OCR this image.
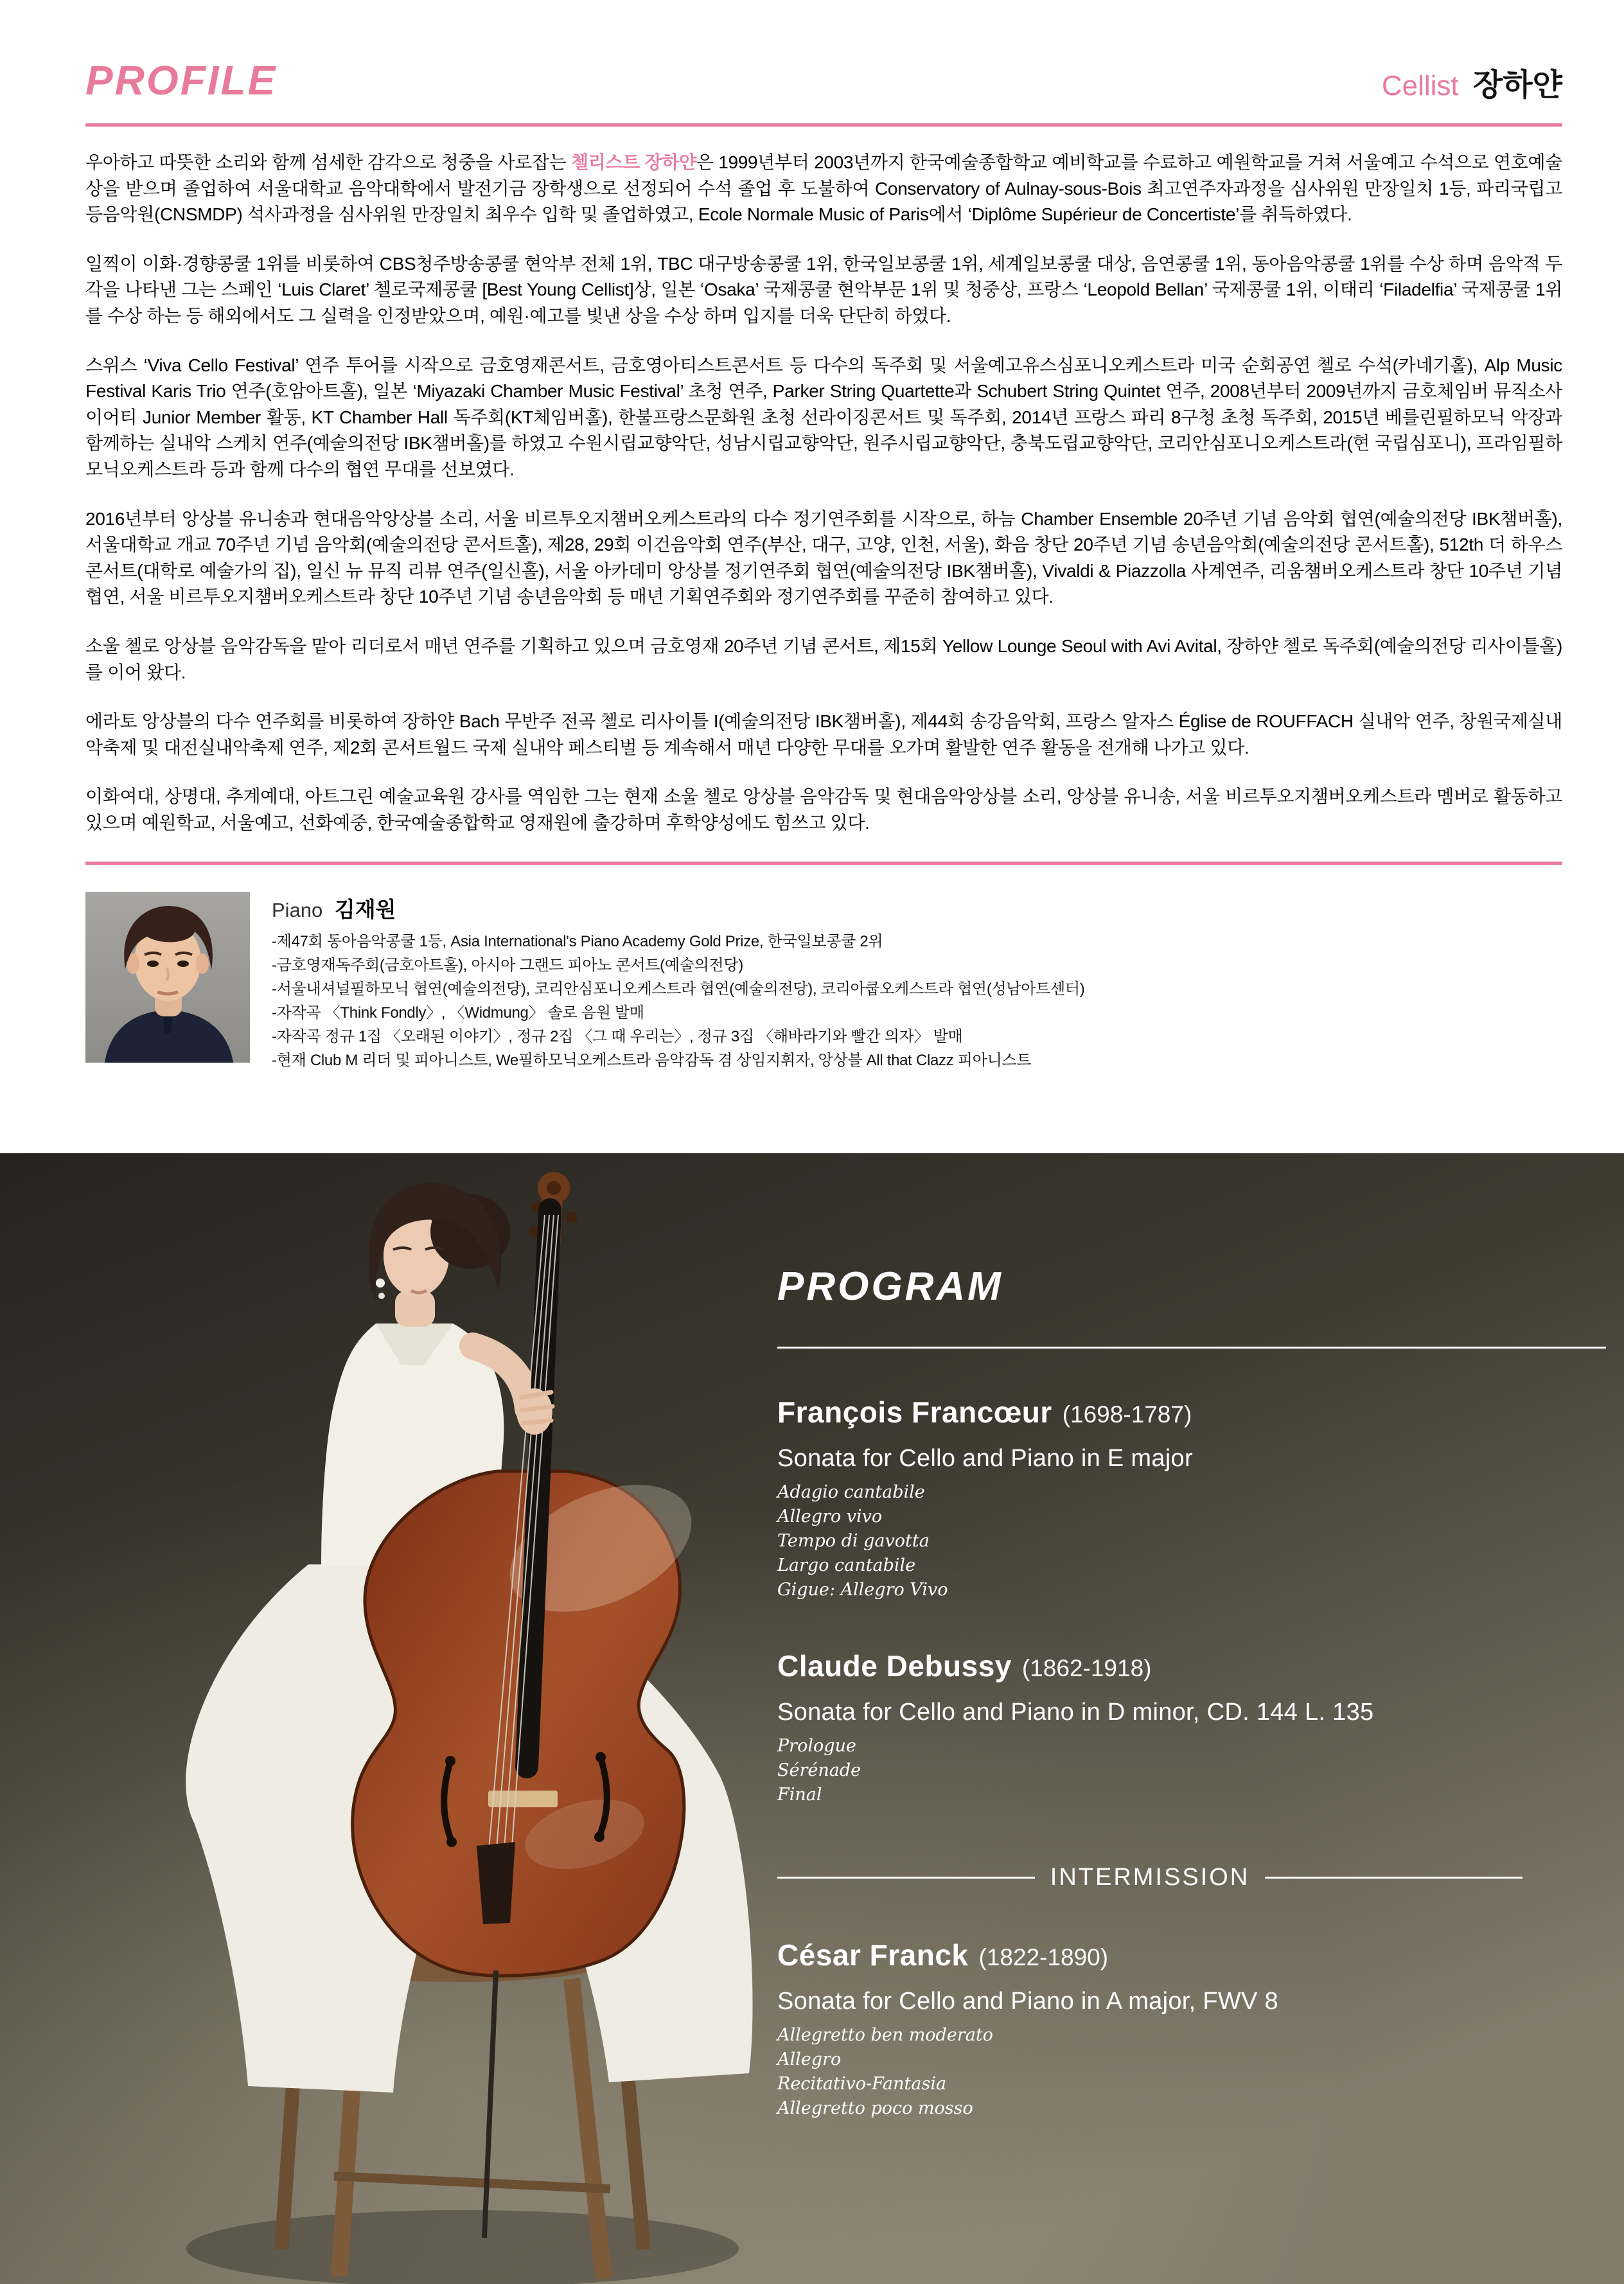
PROFILE	Cellist 장하얀

우아하고 따뜻한 소리와 함께 섬세한 감각으로 청중을 사로잡는 첼리스트 장하얀은 1999년부터 2003년까지 한국예술종합학교 예비학교를 수료하고 예원학교를 거쳐 서울예고 수석으로 연호예술상을 받으며 졸업하여 서울대학교 음악대학에서 발전기금 장학생으로 선정되어 수석 졸업 후 도불하여 Conservatory of Aulnay-sous-Bois 최고연주자과정을 심사위원 만장일치 1등, 파리국립고등음악원(CNSMDP) 석사과정을 심사위원 만장일치 최우수 입학 및 졸업하였고, Ecole Normale Music of Paris에서 ‘Diplôme Supérieur de Concertiste’를 취득하였다.

일찍이 이화·경향콩쿨 1위를 비롯하여 CBS청주방송콩쿨 현악부 전체 1위, TBC 대구방송콩쿨 1위, 한국일보콩쿨 1위, 세계일보콩쿨 대상, 음연콩쿨 1위, 동아음악콩쿨 1위를 수상 하며 음악적 두각을 나타낸 그는 스페인 ‘Luis Claret’ 첼로국제콩쿨 [Best Young Cellist]상, 일본 ‘Osaka’ 국제콩쿨 현악부문 1위 및 청중상, 프랑스 ‘Leopold Bellan’ 국제콩쿨 1위, 이태리 ‘Filadelfia’ 국제콩쿨 1위를 수상 하는 등 해외에서도 그 실력을 인정받았으며, 예원·예고를 빛낸 상을 수상 하며 입지를 더욱 단단히 하였다.

스위스 ‘Viva Cello Festival’ 연주 투어를 시작으로 금호영재콘서트, 금호영아티스트콘서트 등 다수의 독주회 및 서울예고유스심포니오케스트라 미국 순회공연 첼로 수석(카네기홀), Alp Music Festival Karis Trio 연주(호암아트홀), 일본 ‘Miyazaki Chamber Music Festival’ 초청 연주, Parker String Quartette과 Schubert String Quintet 연주, 2008년부터 2009년까지 금호체임버 뮤직소사이어티 Junior Member 활동, KT Chamber Hall 독주회(KT체임버홀), 한불프랑스문화원 초청 선라이징콘서트 및 독주회, 2014년 프랑스 파리 8구청 초청 독주회, 2015년 베를린필하모닉 악장과 함께하는 실내악 스케치 연주(예술의전당 IBK챔버홀)를 하였고 수원시립교향악단, 성남시립교향악단, 원주시립교향악단, 충북도립교향악단, 코리안심포니오케스트라(현 국립심포니), 프라임필하모닉오케스트라 등과 함께 다수의 협연 무대를 선보였다.

2016년부터 앙상블 유니송과 현대음악앙상블 소리, 서울 비르투오지챔버오케스트라의 다수 정기연주회를 시작으로, 하늠 Chamber Ensemble 20주년 기념 음악회 협연(예술의전당 IBK챔버홀), 서울대학교 개교 70주년 기념 음악회(예술의전당 콘서트홀), 제28, 29회 이건음악회 연주(부산, 대구, 고양, 인천, 서울), 화음 창단 20주년 기념 송년음악회(예술의전당 콘서트홀), 512th 더 하우스 콘서트(대학로 예술가의 집), 일신 뉴 뮤직 리뷰 연주(일신홀), 서울 아카데미 앙상블 정기연주회 협연(예술의전당 IBK챔버홀), Vivaldi & Piazzolla 사계연주, 리움챔버오케스트라 창단 10주년 기념 협연, 서울 비르투오지챔버오케스트라 창단 10주년 기념 송년음악회 등 매년 기획연주회와 정기연주회를 꾸준히 참여하고 있다.

소울 첼로 앙상블 음악감독을 맡아 리더로서 매년 연주를 기획하고 있으며 금호영재 20주년 기념 콘서트, 제15회 Yellow Lounge Seoul with Avi Avital, 장하얀 첼로 독주회(예술의전당 리사이틀홀)를 이어 왔다.

에라토 앙상블의 다수 연주회를 비롯하여 장하얀 Bach 무반주 전곡 첼로 리사이틀 I(예술의전당 IBK챔버홀), 제44회 송강음악회, 프랑스 알자스 Église de ROUFFACH 실내악 연주, 창원국제실내악축제 및 대전실내악축제 연주, 제2회 콘서트월드 국제 실내악 페스티벌 등 계속해서 매년 다양한 무대를 오가며 활발한 연주 활동을 전개해 나가고 있다.

이화여대, 상명대, 추계예대, 아트그린 예술교육원 강사를 역임한 그는 현재 소울 첼로 앙상블 음악감독 및 현대음악앙상블 소리, 앙상블 유니송, 서울 비르투오지챔버오케스트라 멤버로 활동하고 있으며 예원학교, 서울예고, 선화예중, 한국예술종합학교 영재원에 출강하며 후학양성에도 힘쓰고 있다.

Piano 김재원
-제47회 동아음악콩쿨 1등, Asia International's Piano Academy Gold Prize, 한국일보콩쿨 2위
-금호영재독주회(금호아트홀), 아시아 그랜드 피아노 콘서트(예술의전당)
-서울내셔널필하모닉 협연(예술의전당), 코리안심포니오케스트라 협연(예술의전당), 코리아쿱오케스트라 협연(성남아트센터)
-자작곡 〈Think Fondly〉, 〈Widmung〉 솔로 음원 발매
-자작곡 정규 1집 〈오래된 이야기〉, 정규 2집 〈그 때 우리는〉, 정규 3집 〈해바라기와 빨간 의자〉 발매
-현재 Club M 리더 및 피아니스트, We필하모닉오케스트라 음악감독 겸 상임지휘자, 앙상블 All that Clazz 피아니스트
PROGRAM
François Francœur (1698-1787)
Sonata for Cello and Piano in E major
Adagio cantabile
Allegro vivo
Tempo di gavotta
Largo cantabile
Gigue: Allegro Vivo
Claude Debussy (1862-1918)
Sonata for Cello and Piano in D minor, CD. 144 L. 135
Prologue
Sérénade
Final
INTERMISSION
César Franck (1822-1890)
Sonata for Cello and Piano in A major, FWV 8
Allegretto ben moderato
Allegro
Recitativo-Fantasia
Allegretto poco mosso
